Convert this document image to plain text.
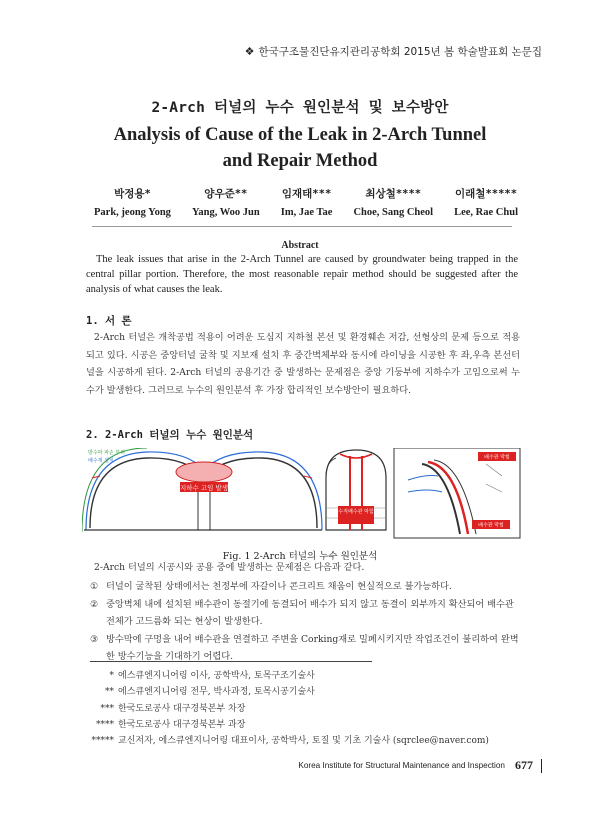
❖ 한국구조물진단유지관리공학회 2015년 봄 학술발표회 논문집
2-Arch 터널의 누수 원인분석 및 보수방안
Analysis of Cause of the Leak in 2-Arch Tunnel
and Repair Method
박정용*
Park, jeong Yong
양우준**
Yang, Woo Jun
임재태***
Im, Jae Tae
최상철****
Choe, Sang Cheol
이래철*****
Lee, Rae Chul
Abstract
The leak issues that arise in the 2-Arch Tunnel are caused by groundwater being trapped in the central pillar portion. Therefore, the most reasonable repair method should be suggested after the analysis of what causes the leak.
1. 서 론
2-Arch 터널은 개착공법 적용이 어려운 도심지 지하철 본선 및 환경훼손 저감, 선형상의 문제 등으로 적용되고 있다. 시공은 중앙터널 굴착 및 지보재 설치 후 중간벽체부와 동시에 라이닝을 시공한 후 좌,우측 본선터널을 시공하게 된다. 2-Arch 터널의 공용기간 중 발생하는 문제점은 중앙 기둥부에 지하수가 고임으로써 누수가 발생한다. 그러므로 누수의 원인분석 후 가장 합리적인 보수방안이 필요하다.
2. 2-Arch 터널의 누수 원인분석
지하수 고임 발생
방수막 파손 부위
배수재 설치
수직배수관 막힘
배수관 막힘
배수관 막힘
Fig. 1 2-Arch 터널의 누수 원인분석
2-Arch 터널의 시공시와 공용 중에 발생하는 문제점은 다음과 같다.
① 터널이 굴착된 상태에서는 천정부에 자갈이나 콘크리트 채움이 현실적으로 불가능하다.
② 중앙벽체 내에 설치된 배수관이 동절기에 동결되어 배수가 되지 않고 동결이 외부까지 확산되어 배수관 전체가 고드름화 되는 현상이 발생한다.
③ 방수막에 구멍을 내어 배수관을 연결하고 주변을 Corking재로 밀폐시키지만 작업조건이 불리하여 완벽한 방수기능을 기대하기 어렵다.
* 에스큐엔지니어링 이사, 공학박사, 토목구조기술사
** 에스큐엔지니어링 전무, 박사과정, 토목시공기술사
*** 한국도로공사 대구경북본부 차장
**** 한국도로공사 대구경북본부 과장
***** 교신저자, 에스큐엔지니어링 대표이사, 공학박사, 토질 및 기초 기술사 (sqrclee@naver.com)
Korea Institute for Structural Maintenance and Inspection 677
